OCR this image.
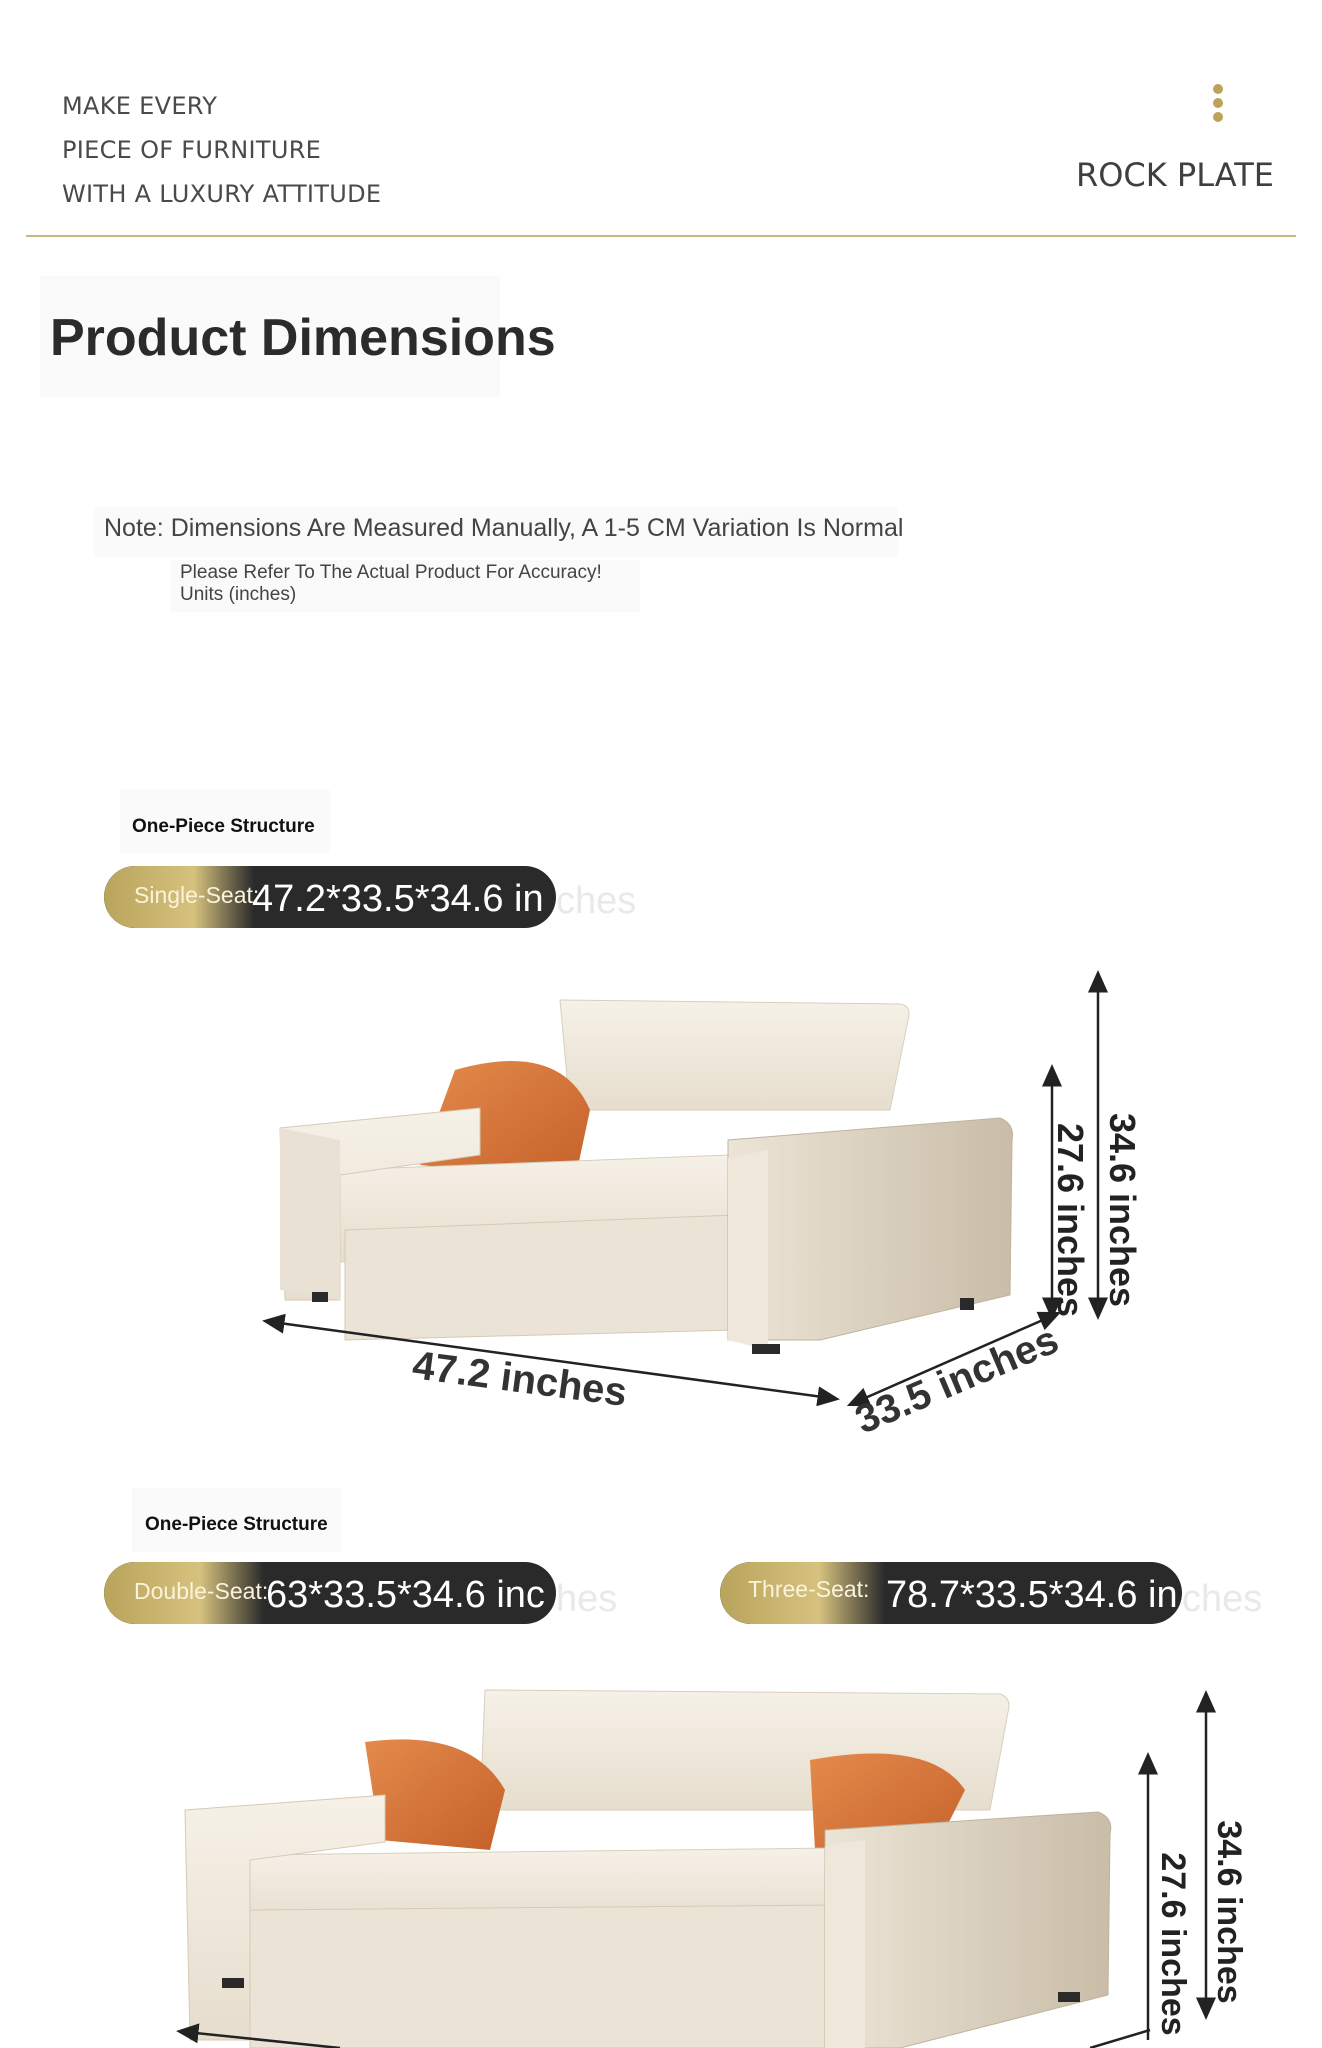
MAKE EVERY
PIECE OF FURNITURE
WITH A LUXURY ATTITUDE	ROCK PLATE
Product Dimensions
Note: Dimensions Are Measured Manually, A 1-5 CM Variation Is Normal
Please Refer To The Actual Product For Accuracy!
Units (inches)
One-Piece Structure
ches
Single-Seat:
47.2*33.5*34.6 in
One-Piece Structure
hes
Double-Seat:
63*33.5*34.6 inc	ches
Three-Seat: 78.7*33.5*34.6 in
47.2 inches	33.5 inches
34.6 inches
27.6 inches
34.6 inches
27.6 inches
